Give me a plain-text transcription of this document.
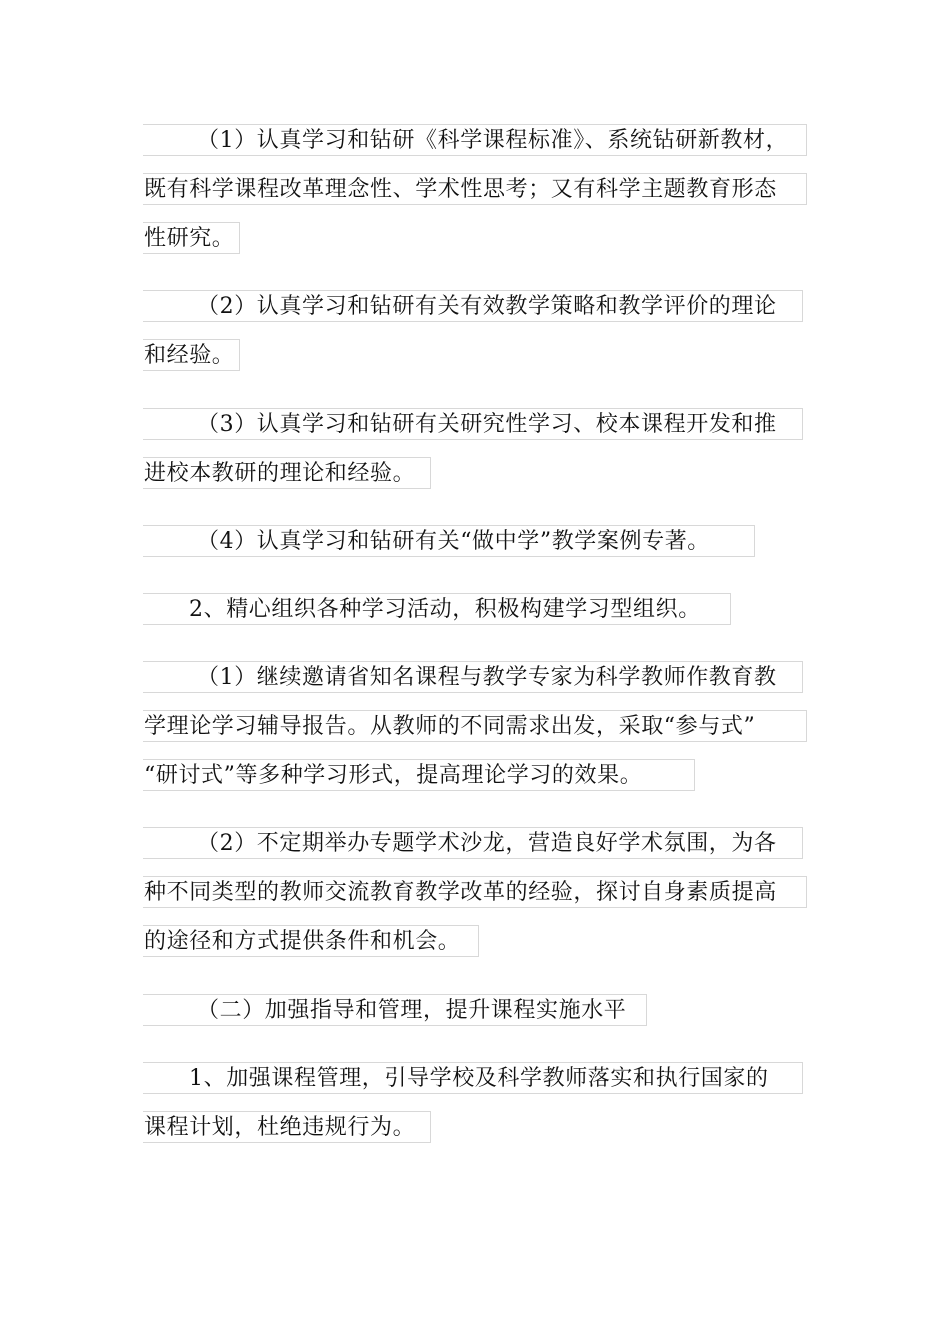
（1）认真学习和钻研《科学课程标准》、系统钻研新教材，
既有科学课程改革理念性、学术性思考；又有科学主题教育形态
性研究。
（2）认真学习和钻研有关有效教学策略和教学评价的理论
和经验。
（3）认真学习和钻研有关研究性学习、校本课程开发和推
进校本教研的理论和经验。
（4）认真学习和钻研有关“做中学”教学案例专著。
2、精心组织各种学习活动，积极构建学习型组织。
（1）继续邀请省知名课程与教学专家为科学教师作教育教
学理论学习辅导报告。从教师的不同需求出发，采取“参与式”
“研讨式”等多种学习形式，提高理论学习的效果。
（2）不定期举办专题学术沙龙，营造良好学术氛围，为各
种不同类型的教师交流教育教学改革的经验，探讨自身素质提高
的途径和方式提供条件和机会。
（二）加强指导和管理，提升课程实施水平
1、加强课程管理，引导学校及科学教师落实和执行国家的
课程计划，杜绝违规行为。
